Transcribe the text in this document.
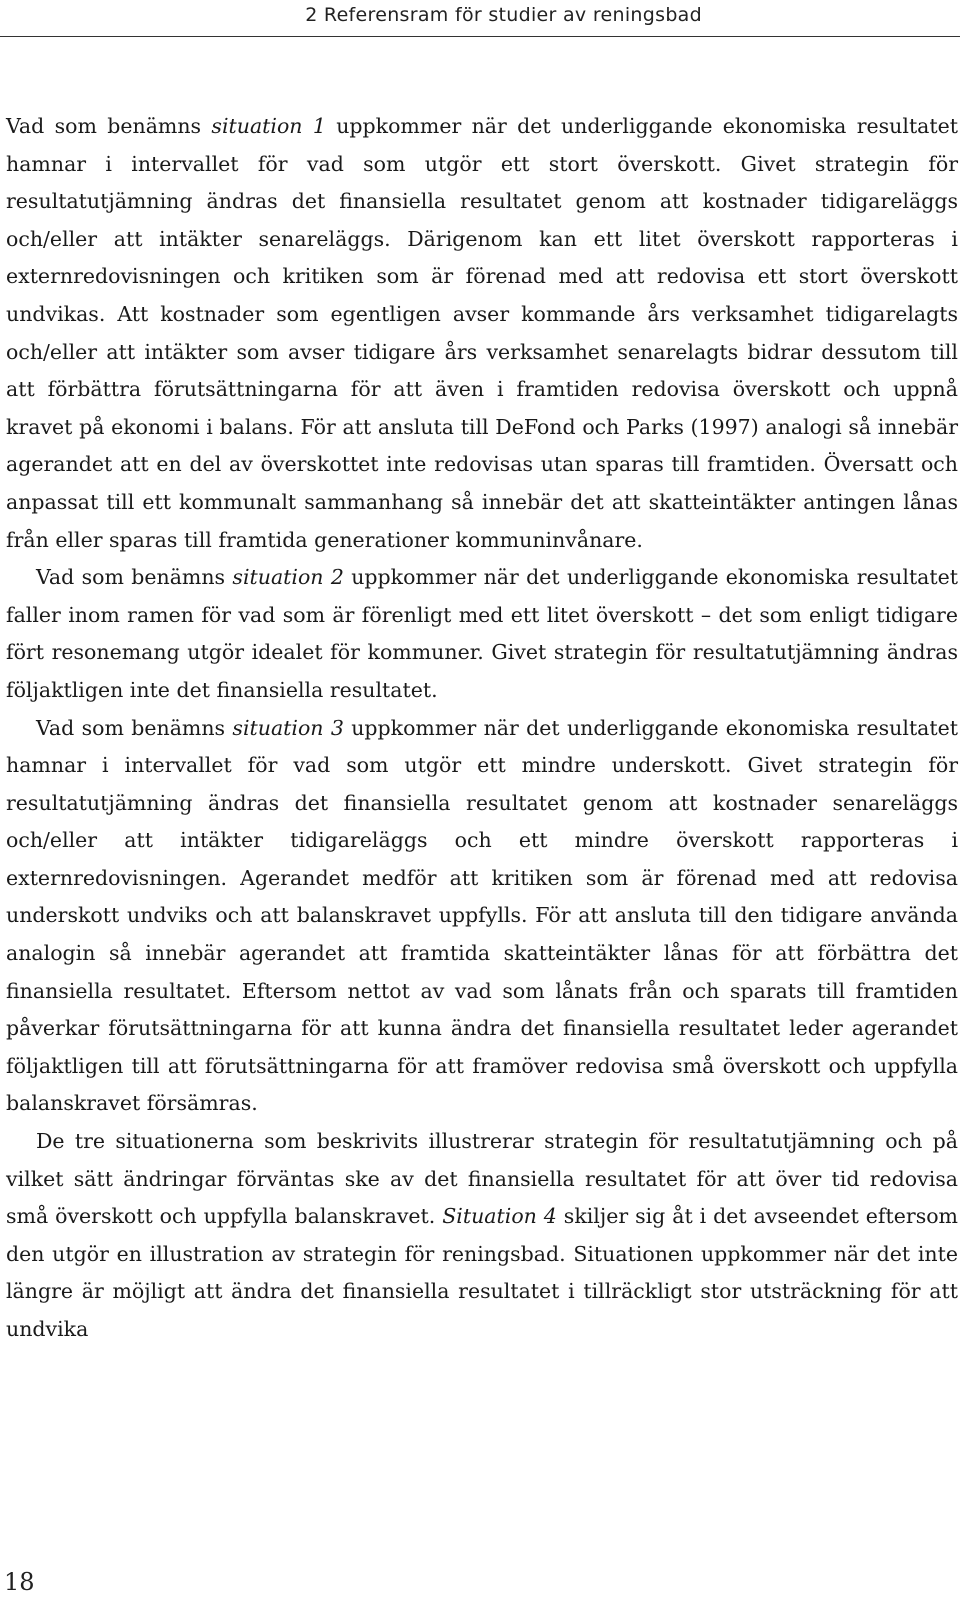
2 Referensram för studier av reningsbad

Vad som benämns situation 1 uppkommer när det underliggande ekonomiska resultatet hamnar i intervallet för vad som utgör ett stort överskott. Givet strategin för resultatutjämning ändras det finansiella resultatet genom att kostnader tidigareläggs och/eller att intäkter senareläggs. Därigenom kan ett litet överskott rapporteras i externredovisningen och kritiken som är förenad med att redovisa ett stort överskott undvikas. Att kostnader som egentligen avser kommande års verksamhet tidigarelagts och/eller att intäkter som avser tidigare års verksamhet senarelagts bidrar dessutom till att förbättra förutsättningarna för att även i framtiden redovisa överskott och uppnå kravet på ekonomi i balans. För att ansluta till DeFond och Parks (1997) analogi så innebär agerandet att en del av överskottet inte redovisas utan sparas till framtiden. Översatt och anpassat till ett kommunalt sammanhang så innebär det att skatteintäkter antingen lånas från eller sparas till framtida generationer kommuninvånare.

Vad som benämns situation 2 uppkommer när det underliggande ekonomiska resultatet faller inom ramen för vad som är förenligt med ett litet överskott – det som enligt tidigare fört resonemang utgör idealet för kommuner. Givet strategin för resultatutjämning ändras följaktligen inte det finansiella resultatet.

Vad som benämns situation 3 uppkommer när det underliggande ekonomiska resultatet hamnar i intervallet för vad som utgör ett mindre underskott. Givet strategin för resultatutjämning ändras det finansiella resultatet genom att kostnader senareläggs och/eller att intäkter tidigareläggs och ett mindre överskott rapporteras i externredovisningen. Agerandet medför att kritiken som är förenad med att redovisa underskott undviks och att balanskravet uppfylls. För att ansluta till den tidigare använda analogin så innebär agerandet att framtida skatteintäkter lånas för att förbättra det finansiella resultatet. Eftersom nettot av vad som lånats från och sparats till framtiden påverkar förutsättningarna för att kunna ändra det finansiella resultatet leder agerandet följaktligen till att förutsättningarna för att framöver redovisa små överskott och uppfylla balanskravet försämras.

De tre situationerna som beskrivits illustrerar strategin för resultatutjämning och på vilket sätt ändringar förväntas ske av det finansiella resultatet för att över tid redovisa små överskott och uppfylla balanskravet. Situation 4 skiljer sig åt i det avseendet eftersom den utgör en illustration av strategin för reningsbad. Situationen uppkommer när det inte längre är möjligt att ändra det finansiella resultatet i tillräckligt stor utsträckning för att undvika

18
